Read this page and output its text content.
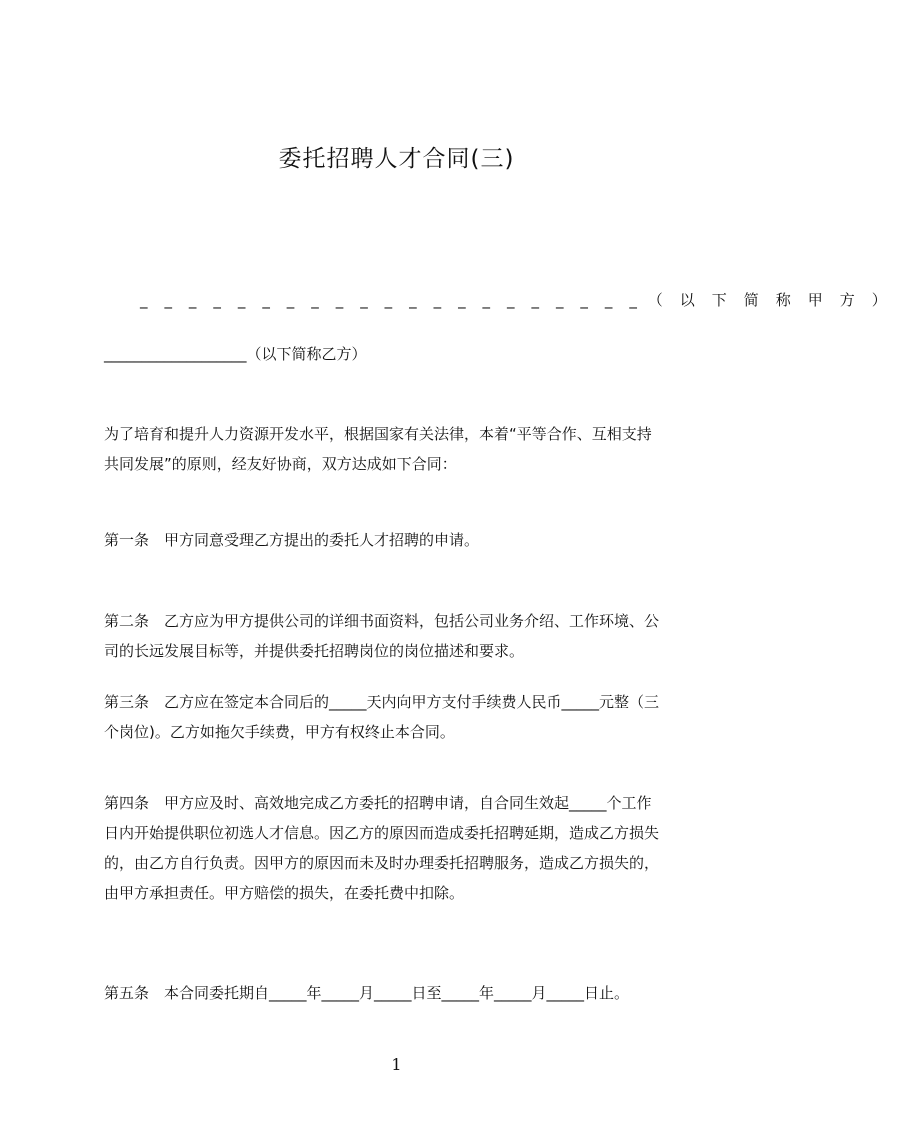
委托招聘人才合同(三)
_ _ _ _ _ _ _ _ _ _ _ _ _ _ _ _ _ _ _ _ _ （以下简称甲方）
___________________（以下简称乙方）
为了培育和提升人力资源开发水平，根据国家有关法律，本着“平等合作、互相支持
共同发展”的原则，经友好协商，双方达成如下合同：
第一条　甲方同意受理乙方提出的委托人才招聘的申请。
第二条　乙方应为甲方提供公司的详细书面资料，包括公司业务介绍、工作环境、公
司的长远发展目标等，并提供委托招聘岗位的岗位描述和要求。
第三条　乙方应在签定本合同后的_____天内向甲方支付手续费人民币_____元整（三
个岗位)。乙方如拖欠手续费，甲方有权终止本合同。
第四条　甲方应及时、高效地完成乙方委托的招聘申请，自合同生效起_____个工作
日内开始提供职位初选人才信息。因乙方的原因而造成委托招聘延期，造成乙方损失
的，由乙方自行负责。因甲方的原因而未及时办理委托招聘服务，造成乙方损失的，
由甲方承担责任。甲方赔偿的损失，在委托费中扣除。
第五条　本合同委托期自_____年_____月_____日至_____年_____月_____日止。
1
